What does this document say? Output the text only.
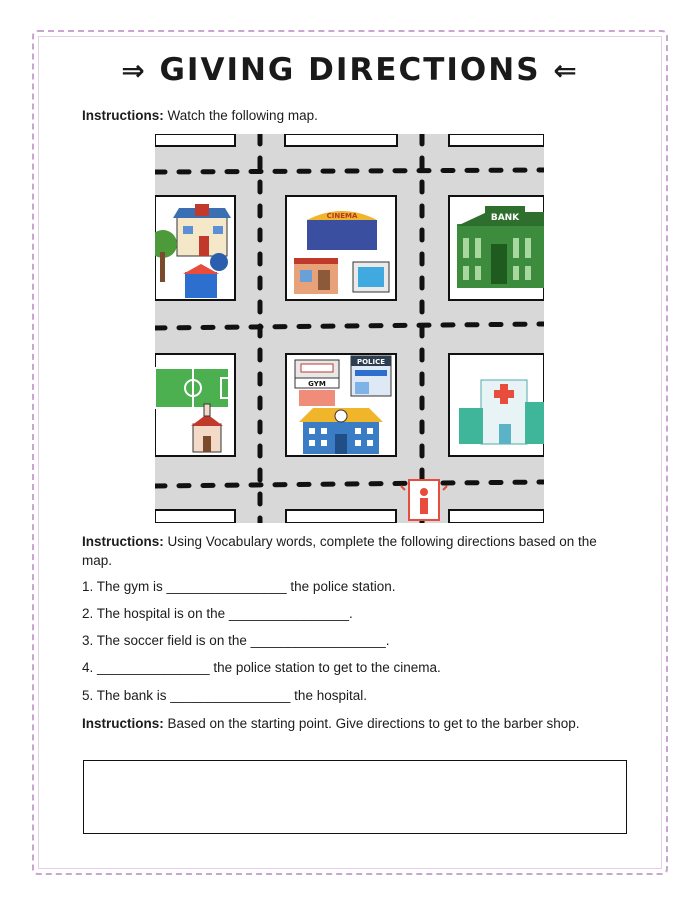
⇒ GIVING DIRECTIONS ⇐
Instructions: Watch the following map.
CINEMA	BANK
GYM
POLICE
Instructions: Using Vocabulary words, complete the following directions based on the map.
1. The gym is ________________ the police station.
2. The hospital is on the ________________.
3. The soccer field is on the __________________.
4. _______________ the police station to get to the cinema.
5. The bank is ________________ the hospital.
Instructions: Based on the starting point. Give directions to get to the barber shop.
